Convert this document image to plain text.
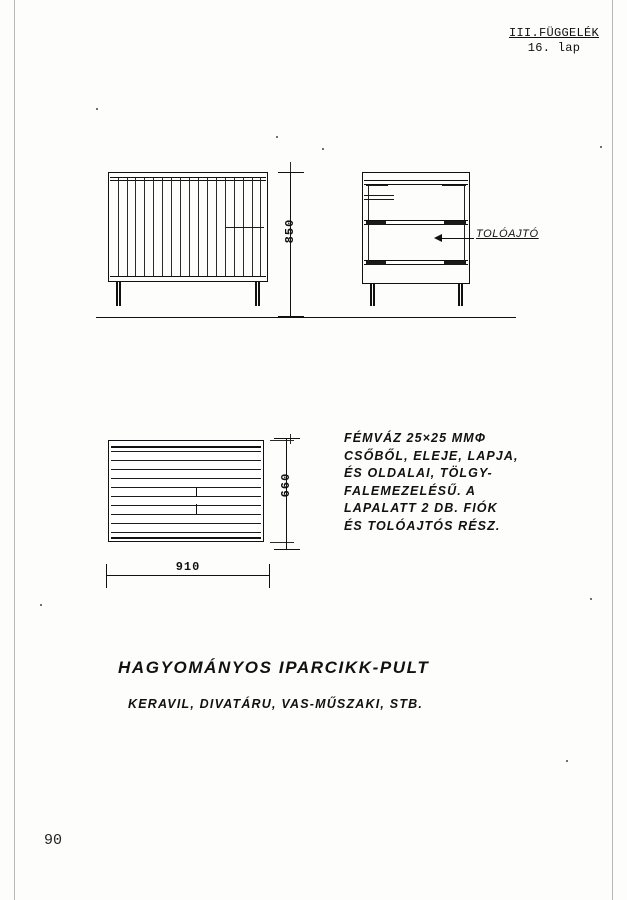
III.FÜGGELÉK
16. lap
850	TOLÓAJTÓ
660
910
FÉMVÁZ 25×25 MMΦ
CSŐBŐL, ELEJE, LAPJA,
ÉS OLDALAI, TÖLGY-
FALEMEZELÉSŰ. A
LAPALATT 2 DB. FIÓK
ÉS TOLÓAJTÓS RÉSZ.
HAGYOMÁNYOS IPARCIKK-PULT
KERAVIL, DIVATÁRU, VAS-MŰSZAKI, STB.
90
